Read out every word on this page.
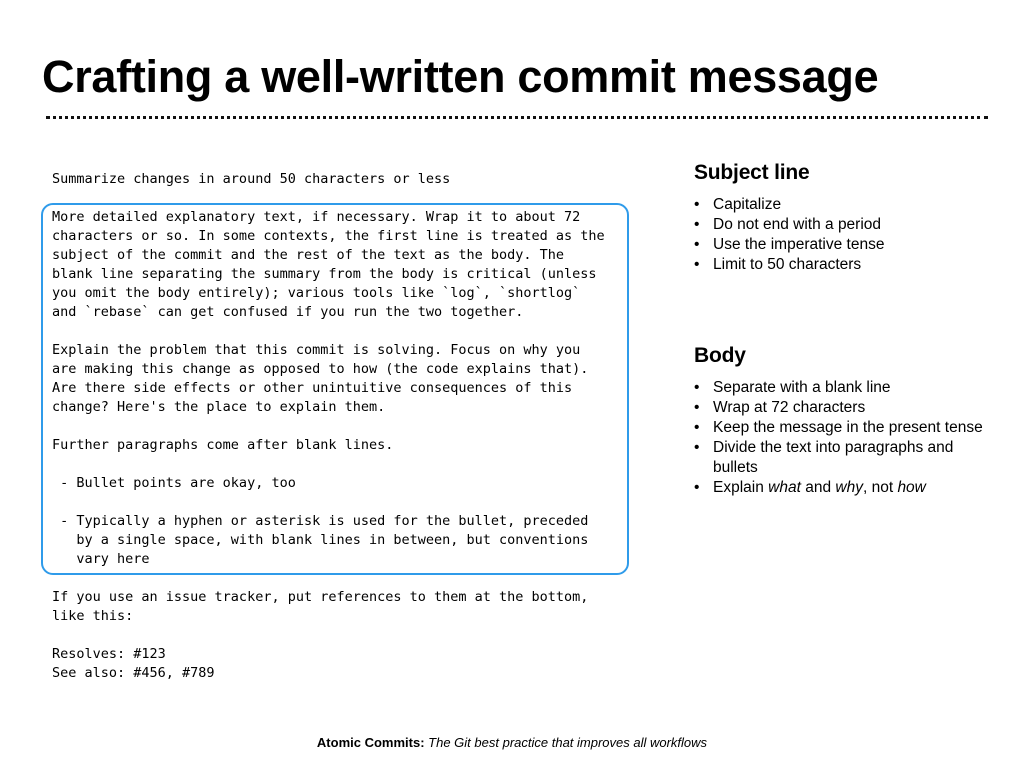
Crafting a well-written commit message
Summarize changes in around 50 characters or less
More detailed explanatory text, if necessary. Wrap it to about 72
characters or so. In some contexts, the first line is treated as the
subject of the commit and the rest of the text as the body. The
blank line separating the summary from the body is critical (unless
you omit the body entirely); various tools like `log`, `shortlog`
and `rebase` can get confused if you run the two together.

Explain the problem that this commit is solving. Focus on why you
are making this change as opposed to how (the code explains that).
Are there side effects or other unintuitive consequences of this
change? Here's the place to explain them.

Further paragraphs come after blank lines.

- Bullet points are okay, too

- Typically a hyphen or asterisk is used for the bullet, preceded
by a single space, with blank lines in between, but conventions
vary here
If you use an issue tracker, put references to them at the bottom,
like this:

Resolves: #123
See also: #456, #789
Subject line
• Capitalize
• Do not end with a period
• Use the imperative tense
• Limit to 50 characters
Body
• Separate with a blank line
• Wrap at 72 characters
• Keep the message in the present tense
• Divide the text into paragraphs and bullets
• Explain what and why, not how
Atomic Commits: The Git best practice that improves all workflows
